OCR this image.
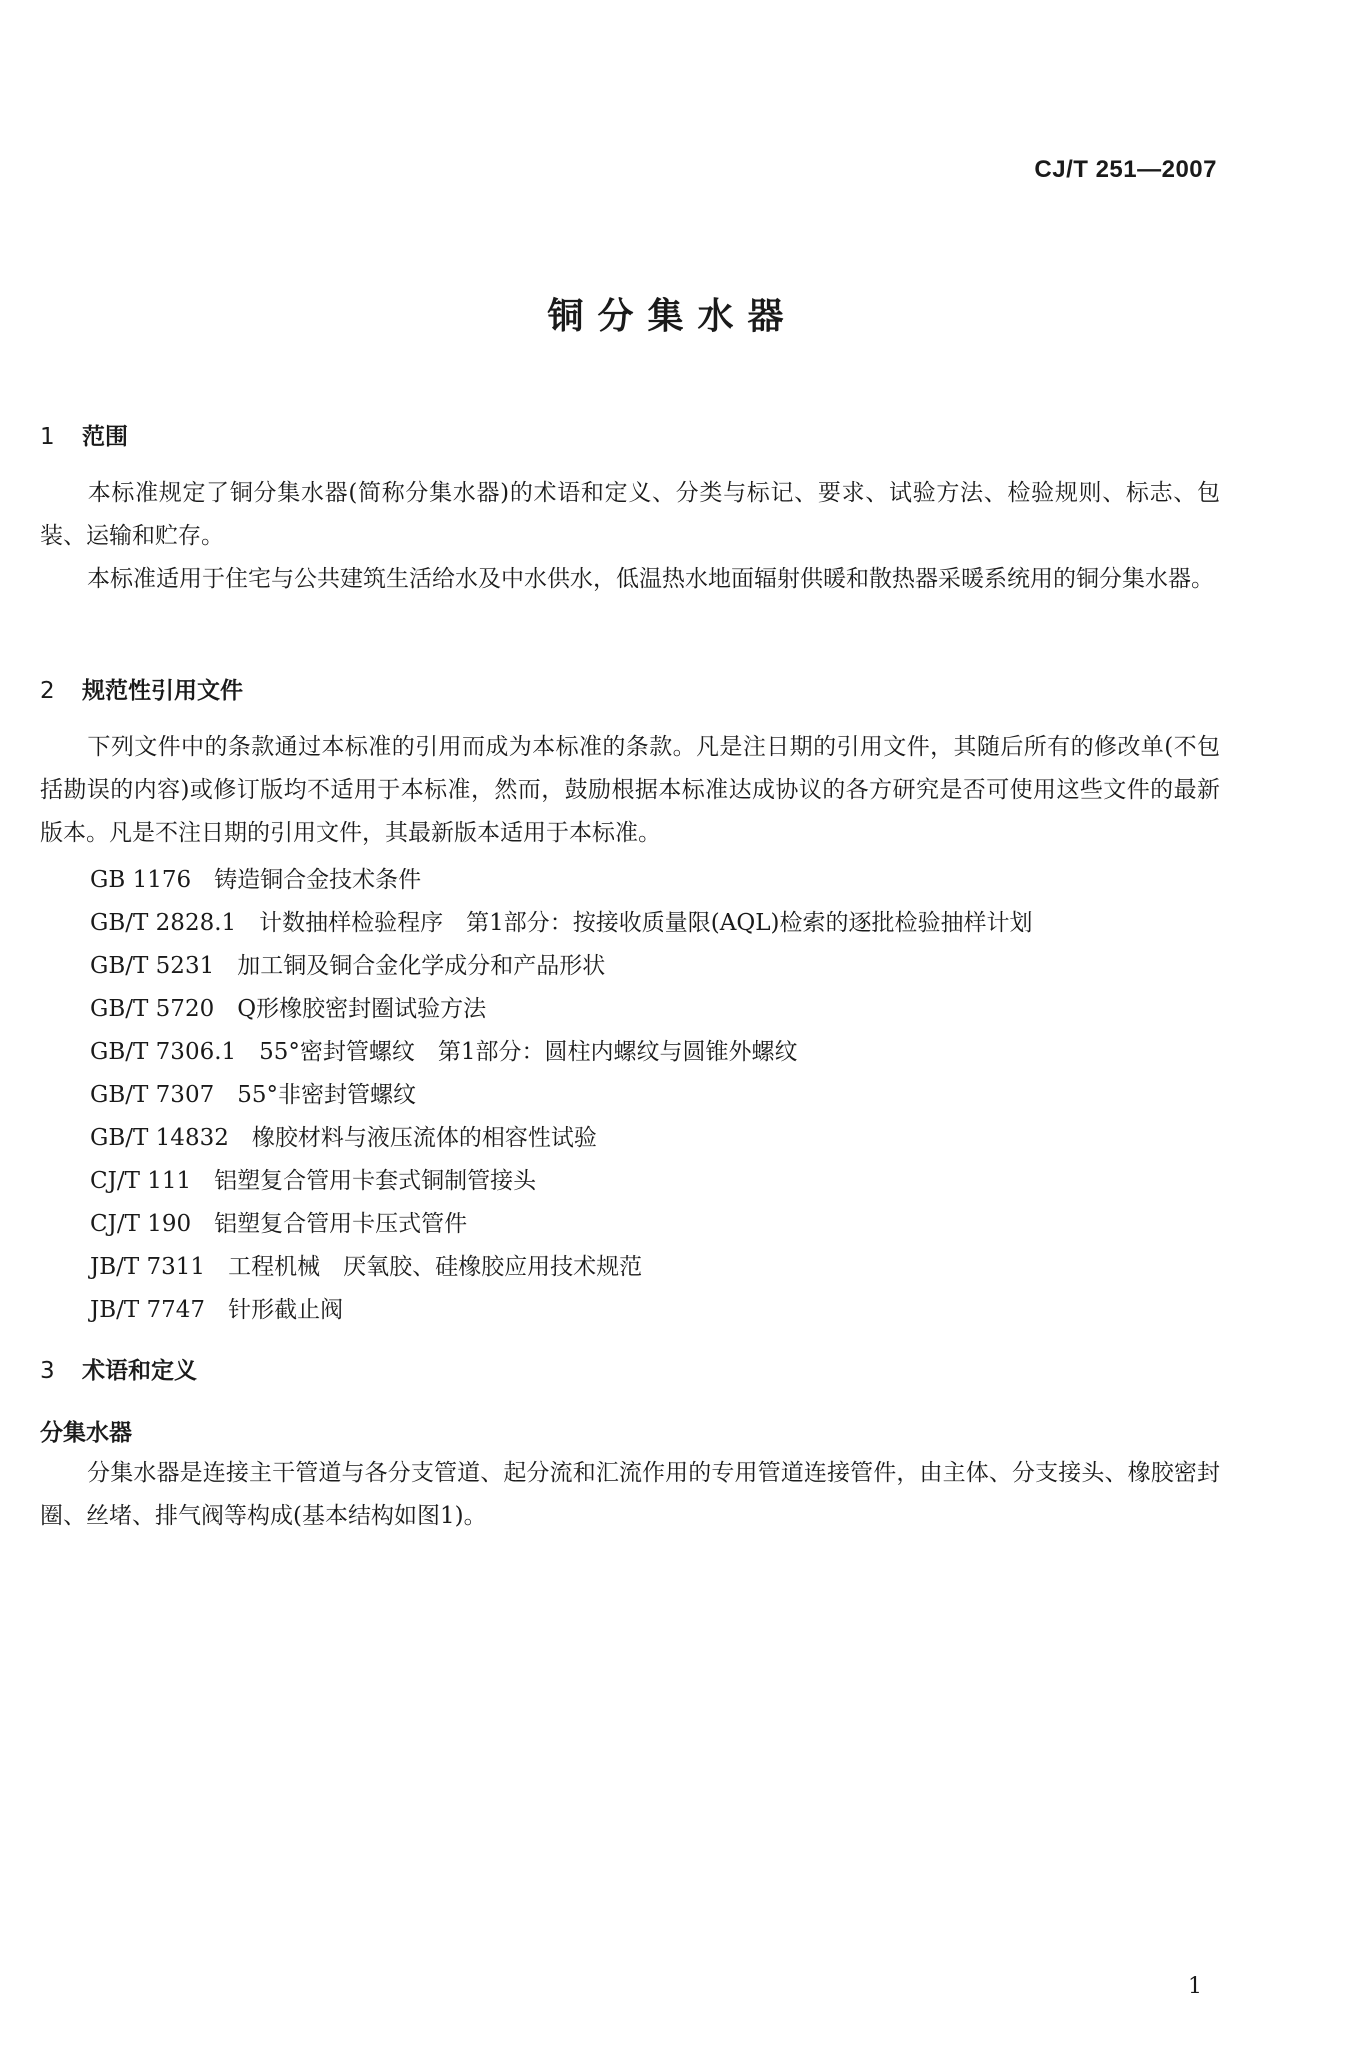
CJ/T 251—2007
铜分集水器
1 范围
本标准规定了铜分集水器(简称分集水器)的术语和定义、分类与标记、要求、试验方法、检验规则、标志、包装、运输和贮存。
本标准适用于住宅与公共建筑生活给水及中水供水，低温热水地面辐射供暖和散热器采暖系统用的铜分集水器。
2 规范性引用文件
下列文件中的条款通过本标准的引用而成为本标准的条款。凡是注日期的引用文件，其随后所有的修改单(不包括勘误的内容)或修订版均不适用于本标准，然而，鼓励根据本标准达成协议的各方研究是否可使用这些文件的最新版本。凡是不注日期的引用文件，其最新版本适用于本标准。
GB 1176　 铸造铜合金技术条件
GB/T 2828.1　 计数抽样检验程序　第1部分：按接收质量限(AQL)检索的逐批检验抽样计划
GB/T 5231　 加工铜及铜合金化学成分和产品形状
GB/T 5720　 Q形橡胶密封圈试验方法
GB/T 7306.1　 55°密封管螺纹　第1部分：圆柱内螺纹与圆锥外螺纹
GB/T 7307　 55°非密封管螺纹
GB/T 14832　 橡胶材料与液压流体的相容性试验
CJ/T 111　 铝塑复合管用卡套式铜制管接头
CJ/T 190　 铝塑复合管用卡压式管件
JB/T 7311　 工程机械　厌氧胶、硅橡胶应用技术规范
JB/T 7747　 针形截止阀
3 术语和定义
分集水器
分集水器是连接主干管道与各分支管道、起分流和汇流作用的专用管道连接管件，由主体、分支接头、橡胶密封圈、丝堵、排气阀等构成(基本结构如图1)。
1
